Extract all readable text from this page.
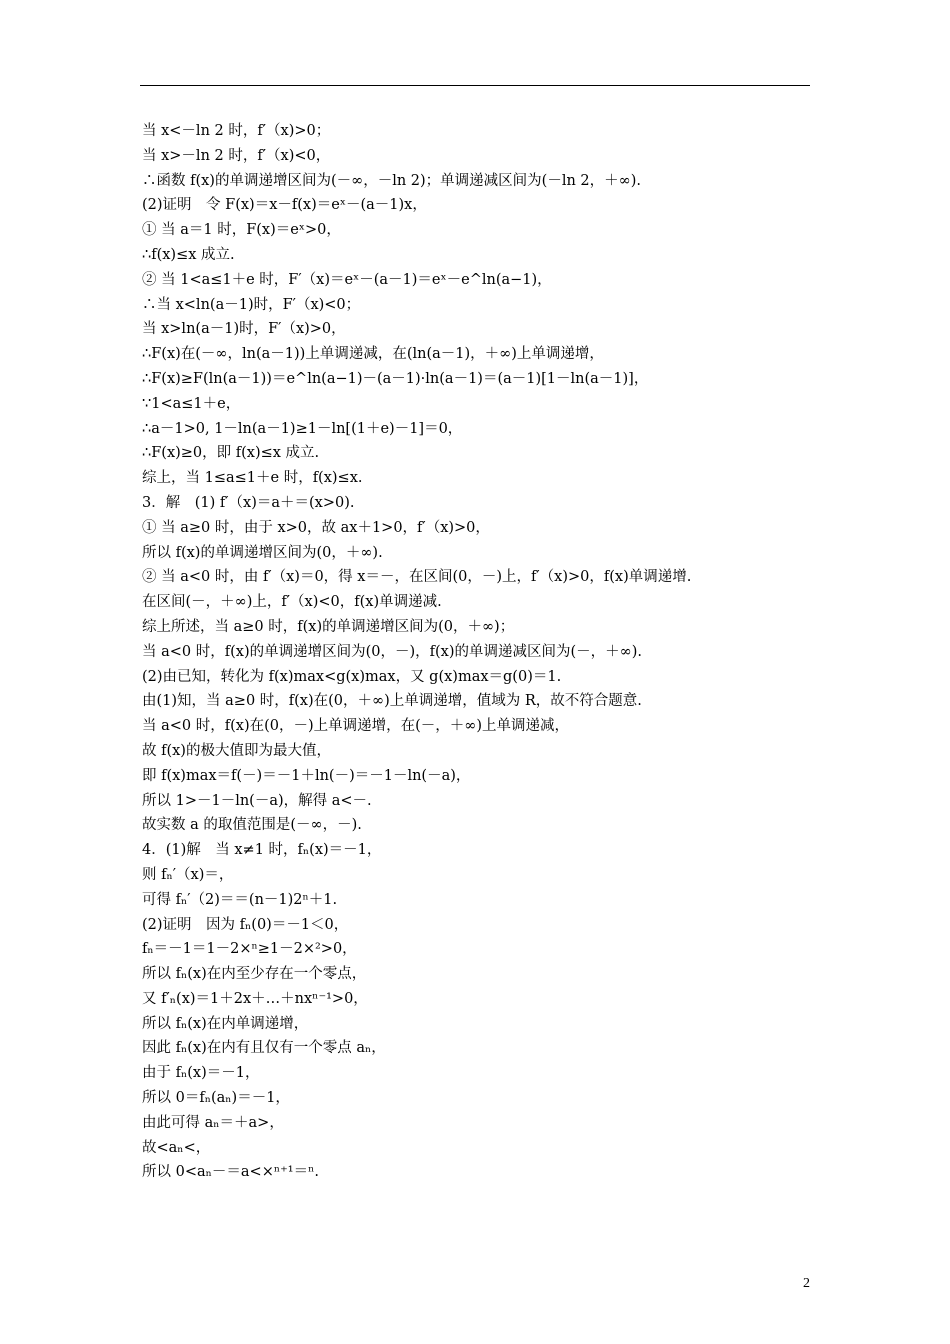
当 x<－ln 2 时，f′（x)>0；
当 x>－ln 2 时，f′（x)<0，
∴函数 f(x)的单调递增区间为(－∞，－ln 2)；单调递减区间为(－ln 2，＋∞).
(2)证明　令 F(x)＝x－f(x)＝eˣ－(a－1)x，
① 当 a＝1 时，F(x)＝eˣ>0，
∴f(x)≤x 成立.
② 当 1<a≤1＋e 时，F′（x)＝eˣ－(a－1)＝eˣ－e^ln(a−1)，
∴当 x<ln(a－1)时，F′（x)<0；
当 x>ln(a－1)时，F′（x)>0，
∴F(x)在(－∞，ln(a－1))上单调递减，在(ln(a－1)，＋∞)上单调递增，
∴F(x)≥F(ln(a－1))＝e^ln(a−1)－(a－1)·ln(a－1)＝(a－1)[1－ln(a－1)]，
∵1<a≤1＋e，
∴a－1>0, 1－ln(a－1)≥1－ln[(1＋e)－1]＝0，
∴F(x)≥0，即 f(x)≤x 成立.
综上，当 1≤a≤1＋e 时，f(x)≤x.
3．解　(1) f′（x)＝a＋＝(x>0).
① 当 a≥0 时，由于 x>0，故 ax＋1>0，f′（x)>0，
所以 f(x)的单调递增区间为(0，＋∞).
② 当 a<0 时，由 f′（x)＝0，得 x＝－，在区间(0，－)上，f′（x)>0，f(x)单调递增.
在区间(－，＋∞)上，f′（x)<0，f(x)单调递减.
综上所述，当 a≥0 时，f(x)的单调递增区间为(0，＋∞)；
当 a<0 时，f(x)的单调递增区间为(0，－)，f(x)的单调递减区间为(－，＋∞).
(2)由已知，转化为 f(x)max<g(x)max，又 g(x)max＝g(0)＝1.
由(1)知，当 a≥0 时，f(x)在(0，＋∞)上单调递增，值域为 R，故不符合题意.
当 a<0 时，f(x)在(0，－)上单调递增，在(－，＋∞)上单调递减，
故 f(x)的极大值即为最大值，
即 f(x)max＝f(－)＝－1＋ln(－)＝－1－ln(－a)，
所以 1>－1－ln(－a)，解得 a<－.
故实数 a 的取值范围是(－∞，－).
4．(1)解　当 x≠1 时，fₙ(x)＝－1，
则 fₙ′（x)＝，
可得 fₙ′（2)＝＝(n－1)2ⁿ＋1.
(2)证明　因为 fₙ(0)＝－1＜0，
fₙ＝－1＝1－2×ⁿ≥1－2×²>0，
所以 fₙ(x)在内至少存在一个零点，
又 f′ₙ(x)＝1＋2x＋…＋nxⁿ⁻¹>0，
所以 fₙ(x)在内单调递增，
因此 fₙ(x)在内有且仅有一个零点 aₙ，
由于 fₙ(x)＝－1，
所以 0＝fₙ(aₙ)＝－1，
由此可得 aₙ＝＋a>，
故<aₙ<，
所以 0<aₙ－＝a<×ⁿ⁺¹＝ⁿ.
2
